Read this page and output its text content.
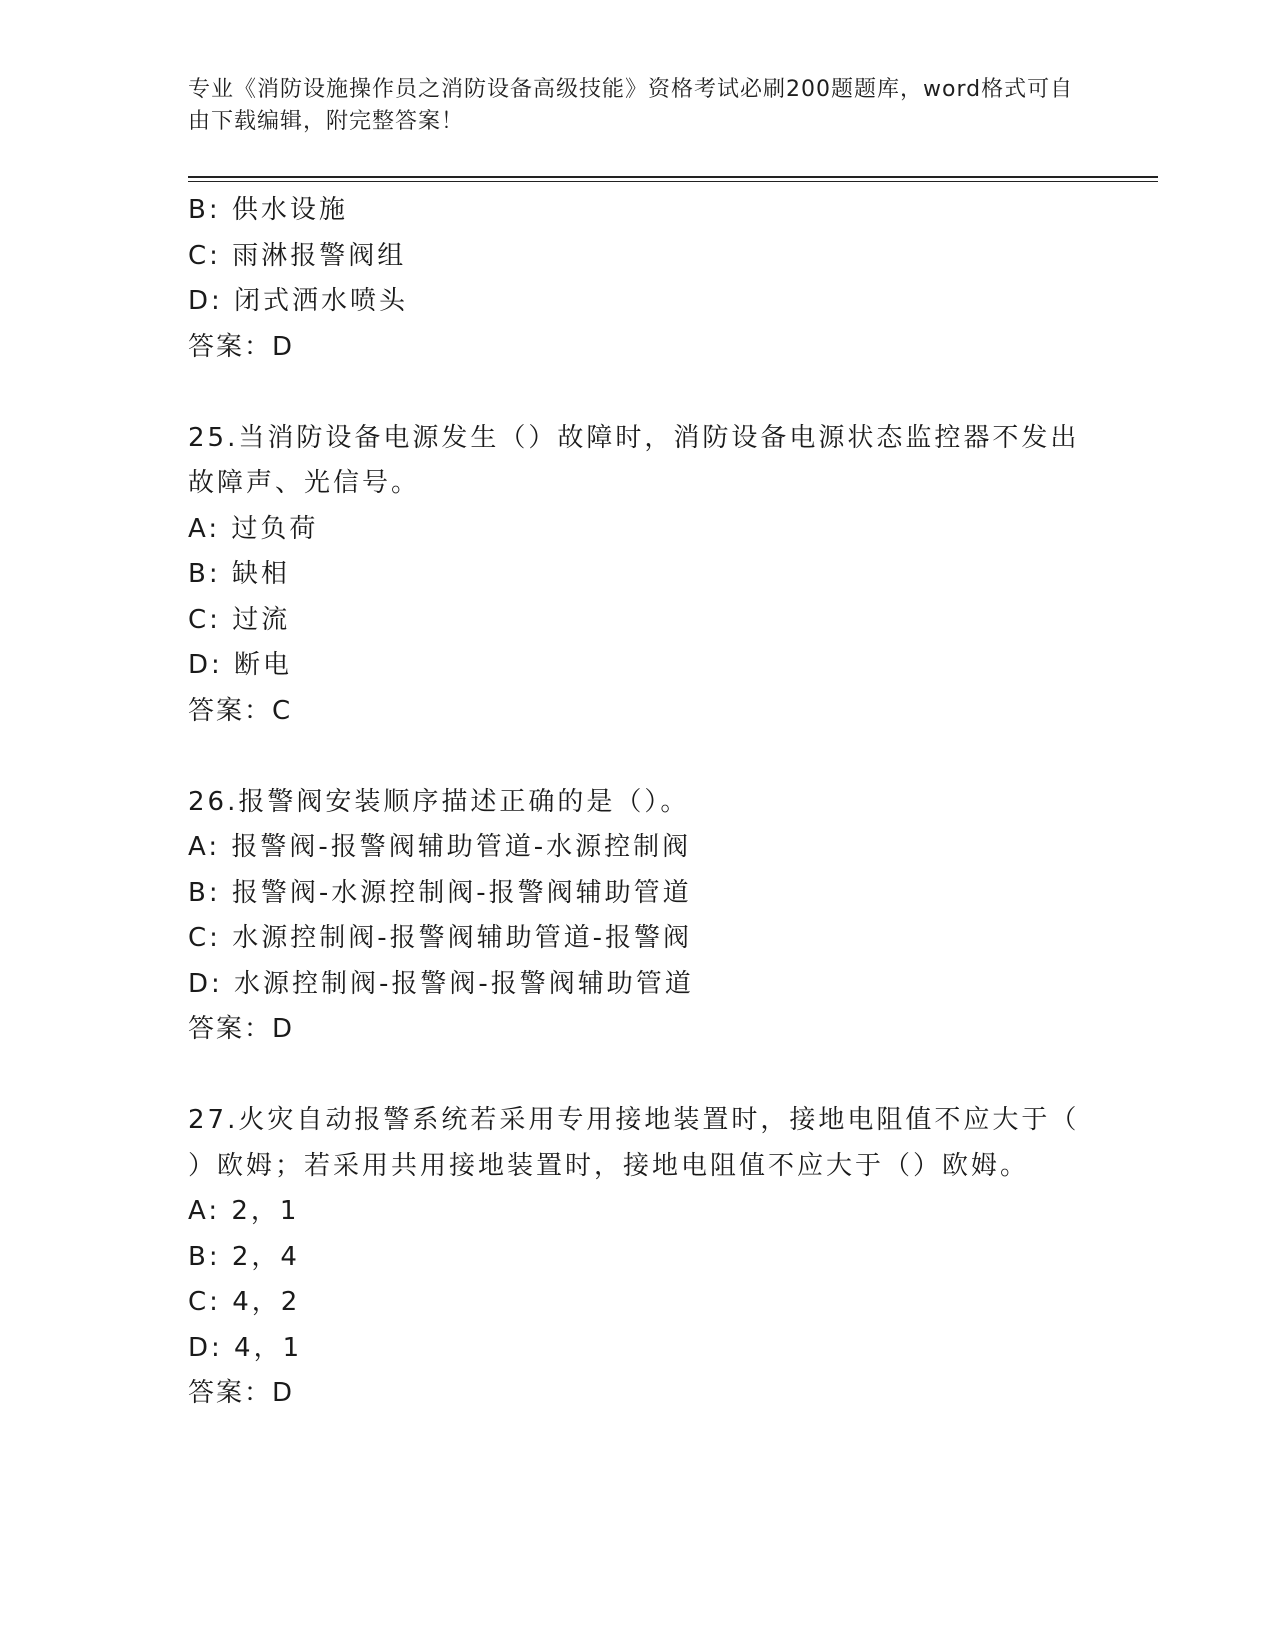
专业《消防设施操作员之消防设备高级技能》资格考试必刷200题题库，word格式可自由下载编辑，附完整答案！
B: 供水设施
C: 雨淋报警阀组
D: 闭式洒水喷头
答案：D
25.当消防设备电源发生（）故障时，消防设备电源状态监控器不发出
故障声、光信号。
A: 过负荷
B: 缺相
C: 过流
D: 断电
答案：C
26.报警阀安装顺序描述正确的是（）。
A: 报警阀-报警阀辅助管道-水源控制阀
B: 报警阀-水源控制阀-报警阀辅助管道
C: 水源控制阀-报警阀辅助管道-报警阀
D: 水源控制阀-报警阀-报警阀辅助管道
答案：D
27.火灾自动报警系统若采用专用接地装置时，接地电阻值不应大于（
）欧姆；若采用共用接地装置时，接地电阻值不应大于（）欧姆。
A: 2，1
B: 2，4
C: 4，2
D: 4，1
答案：D
